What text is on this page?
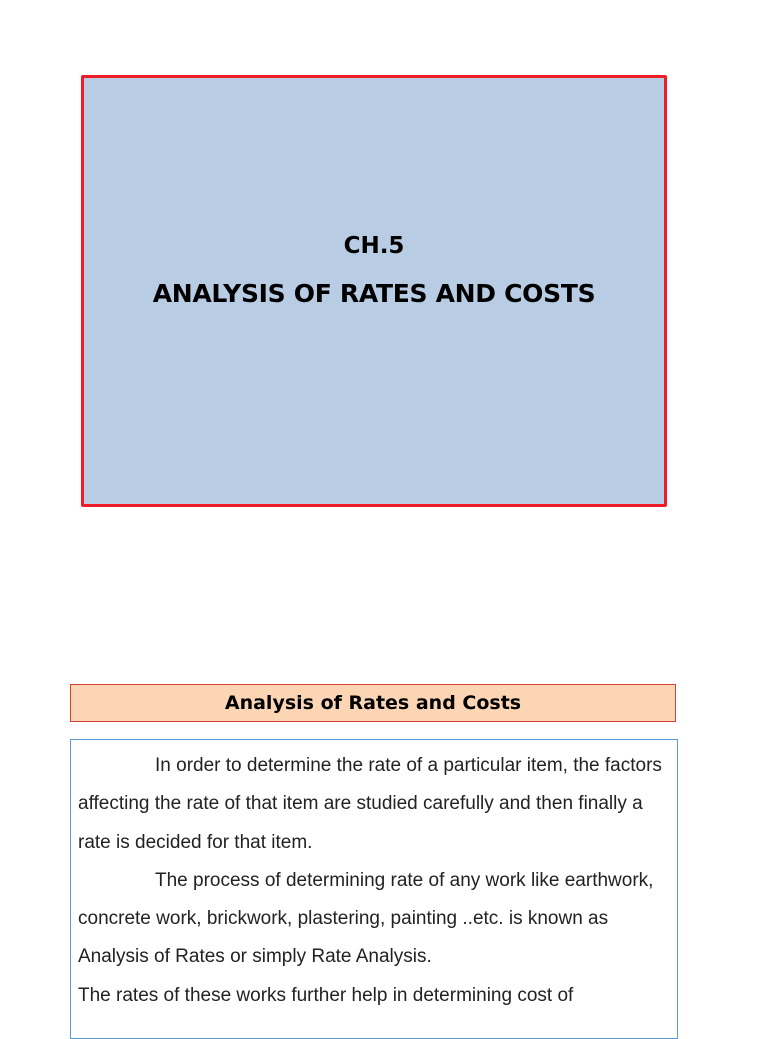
CH.5
ANALYSIS OF RATES AND COSTS
Analysis of Rates and Costs

In order to determine the rate of a particular item, the factors affecting the rate of that item are studied carefully and then finally a rate is decided for that item.

The process of determining rate of any work like earthwork, concrete work, brickwork, plastering, painting ..etc. is known as Analysis of Rates or simply Rate Analysis.

The rates of these works further help in determining cost of
